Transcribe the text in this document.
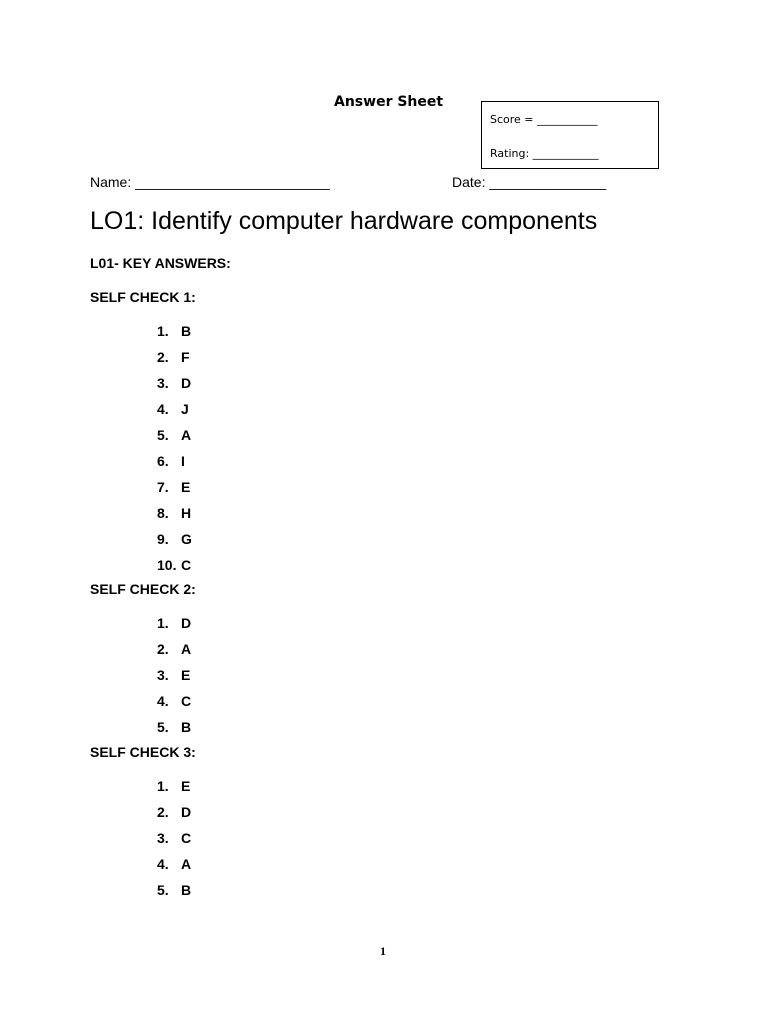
Answer Sheet
Score = ___________
Rating: ____________
Name: _________________________	Date: _______________
LO1: Identify computer hardware components
L01- KEY ANSWERS:
SELF CHECK 1:
1. B
2. F
3. D
4. J
5. A
6. I
7. E
8. H
9. G
10. C
SELF CHECK 2:
1. D
2. A
3. E
4. C
5. B
SELF CHECK 3:
1. E
2. D
3. C
4. A
5. B
1
